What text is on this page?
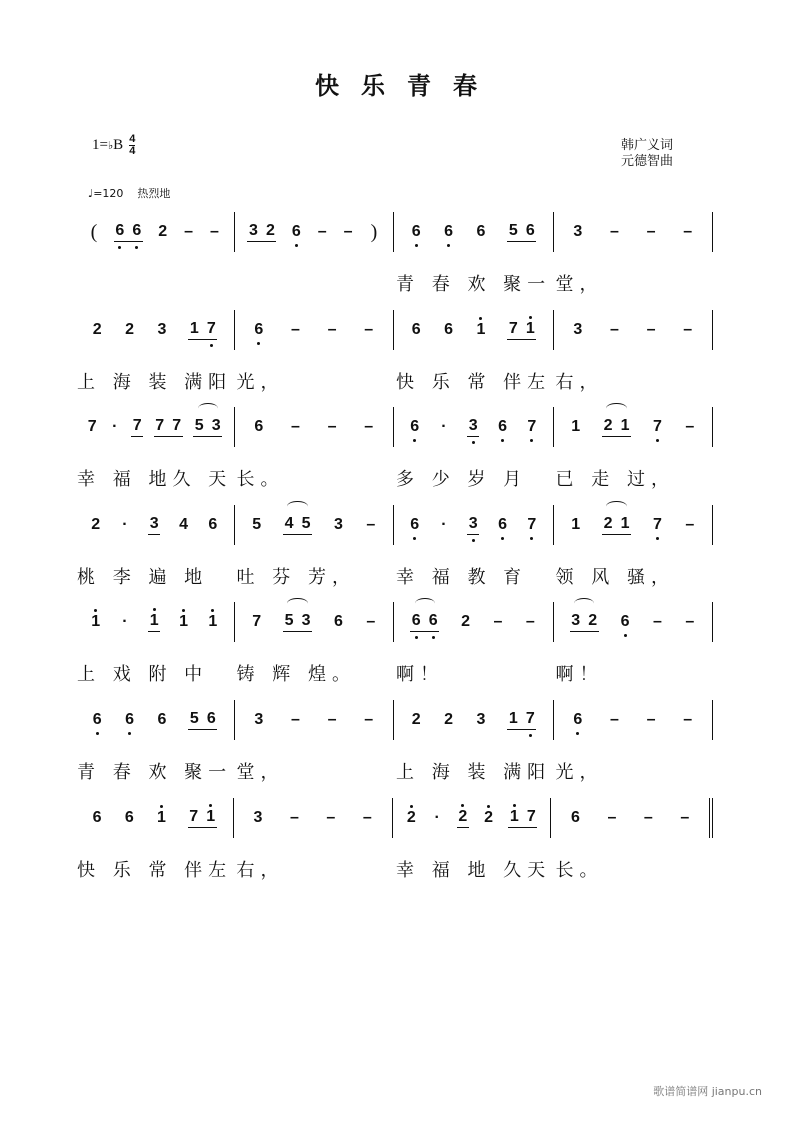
快乐青春
1= ♭ B $\frac{4}{4}$	韩广义词
元德智曲
♩=120 热烈地
( 6 6 2 – – 3 2 6 – – ) 6 6 6 5 6 3 – – –
青 春 欢 聚一 堂，
2 2 3 1 7 6 – – – 6 6 1 7 1 3 – – –
上 海 装 满阳 光，	快 乐 常 伴左 右，
7 · 7 7 7 5 3 6 – – – 6 · 3 6 7 1 2 1 7 –
幸 福 地久 天 长。	多 少 岁 月	已 走 过，
2 · 3 4 6 5 4 5 3 – 6 · 3 6 7 1 2 1 7 –
桃 李 遍 地	吐 芬 芳，	幸 福 教 育	领 风 骚，
1 · 1 1 1 7 5 3 6 – 6 6 2 – – 3 2 6 – –
上 戏 附 中	铸 辉 煌。	啊！	啊！
6 6 6 5 6 3 – – – 2 2 3 1 7 6 – – –
青 春 欢 聚一 堂，	上 海 装 满阳 光，
6 6 1 7 1 3 – – – 2 · 2 2 1 7 6 – – –
快 乐 常 伴左 右，	幸 福 地 久天 长。
歌谱简谱网 jianpu.cn
